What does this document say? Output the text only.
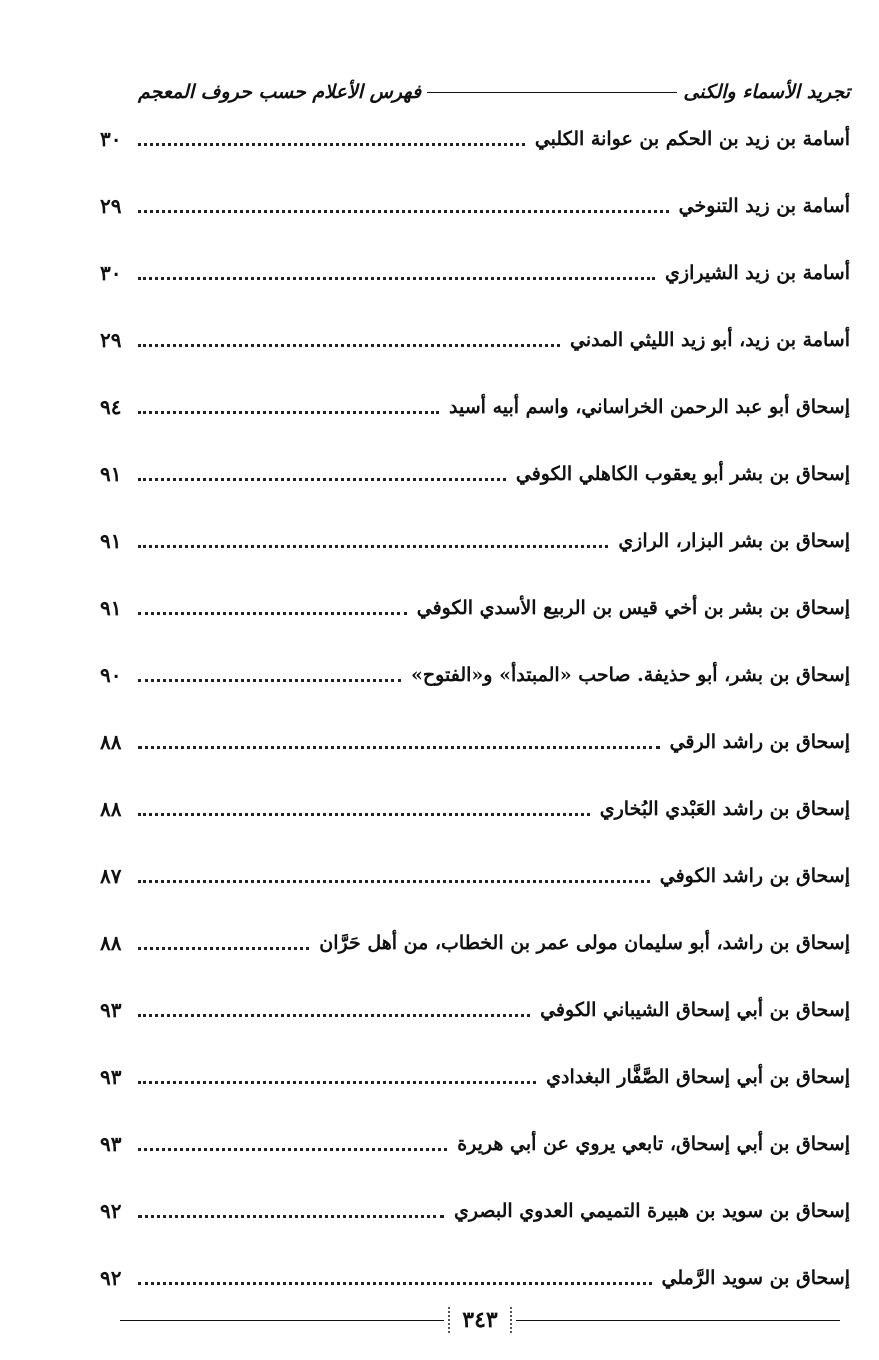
تجريد الأسماء والكنى
فهرس الأعلام حسب حروف المعجم
أسامة بن زيد بن الحكم بن عوانة الكلبي
٣٠
أسامة بن زيد التنوخي
٢٩
أسامة بن زيد الشيرازي
٣٠
أسامة بن زيد، أبو زيد الليثي المدني
٢٩
إسحاق أبو عبد الرحمن الخراساني، واسم أبيه أسيد
٩٤
إسحاق بن بشر أبو يعقوب الكاهلي الكوفي
٩١
إسحاق بن بشر البزار، الرازي
٩١
إسحاق بن بشر بن أخي قيس بن الربيع الأسدي الكوفي
٩١
إسحاق بن بشر، أبو حذيفة. صاحب «المبتدأ» و«الفتوح»
٩٠
إسحاق بن راشد الرقي
٨٨
إسحاق بن راشد العَبْدي البُخاري
٨٨
إسحاق بن راشد الكوفي
٨٧
إسحاق بن راشد، أبو سليمان مولى عمر بن الخطاب، من أهل حَرَّان
٨٨
إسحاق بن أبي إسحاق الشيباني الكوفي
٩٣
إسحاق بن أبي إسحاق الصَّفَّار البغدادي
٩٣
إسحاق بن أبي إسحاق، تابعي يروي عن أبي هريرة
٩٣
إسحاق بن سويد بن هبيرة التميمي العدوي البصري
٩٢
إسحاق بن سويد الرَّملي
٩٢
٣٤٣
